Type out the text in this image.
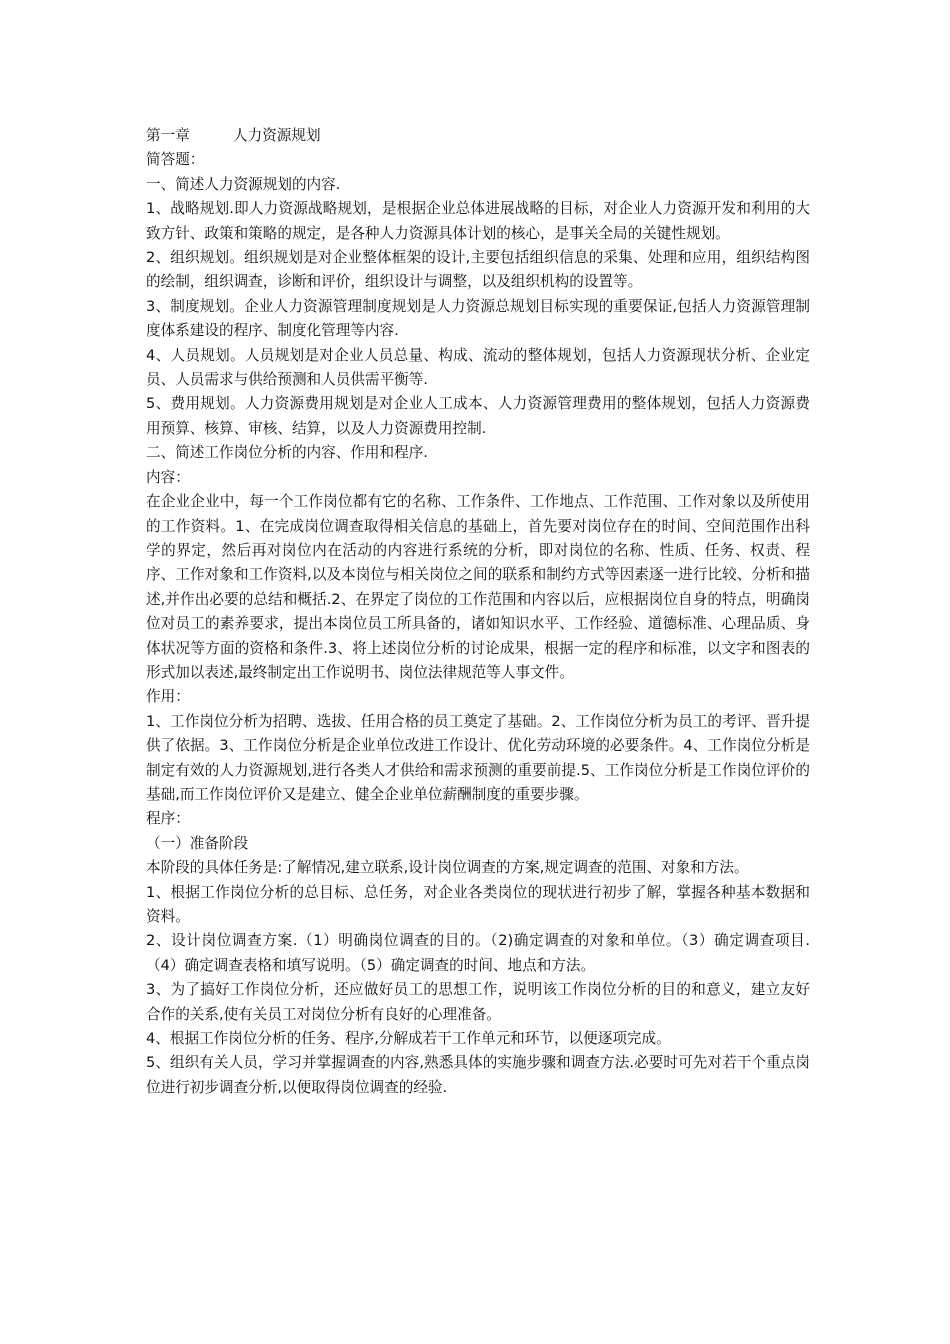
第一章	人力资源规划

简答题：

一、简述人力资源规划的内容.

1、战略规划.即人力资源战略规划，是根据企业总体进展战略的目标，对企业人力资源开发和利用的大致方针、政策和策略的规定，是各种人力资源具体计划的核心，是事关全局的关键性规划。

2、组织规划。组织规划是对企业整体框架的设计,主要包括组织信息的采集、处理和应用，组织结构图的绘制，组织调查，诊断和评价，组织设计与调整，以及组织机构的设置等。

3、制度规划。企业人力资源管理制度规划是人力资源总规划目标实现的重要保证,包括人力资源管理制度体系建设的程序、制度化管理等内容.

4、人员规划。人员规划是对企业人员总量、构成、流动的整体规划，包括人力资源现状分析、企业定员、人员需求与供给预测和人员供需平衡等.

5、费用规划。人力资源费用规划是对企业人工成本、人力资源管理费用的整体规划，包括人力资源费用预算、核算、审核、结算，以及人力资源费用控制.

二、简述工作岗位分析的内容、作用和程序.

内容：

在企业企业中，每一个工作岗位都有它的名称、工作条件、工作地点、工作范围、工作对象以及所使用的工作资料。1、在完成岗位调查取得相关信息的基础上，首先要对岗位存在的时间、空间范围作出科学的界定，然后再对岗位内在活动的内容进行系统的分析，即对岗位的名称、性质、任务、权责、程序、工作对象和工作资料,以及本岗位与相关岗位之间的联系和制约方式等因素逐一进行比较、分析和描述,并作出必要的总结和概括.2、在界定了岗位的工作范围和内容以后，应根据岗位自身的特点，明确岗位对员工的素养要求，提出本岗位员工所具备的，诸如知识水平、工作经验、道德标准、心理品质、身体状况等方面的资格和条件.3、将上述岗位分析的讨论成果，根据一定的程序和标准，以文字和图表的形式加以表述,最终制定出工作说明书、岗位法律规范等人事文件。

作用：

1、工作岗位分析为招聘、选拔、任用合格的员工奠定了基础。2、工作岗位分析为员工的考评、晋升提供了依据。3、工作岗位分析是企业单位改进工作设计、优化劳动环境的必要条件。4、工作岗位分析是制定有效的人力资源规划,进行各类人才供给和需求预测的重要前提.5、工作岗位分析是工作岗位评价的基础,而工作岗位评价又是建立、健全企业单位薪酬制度的重要步骤。

程序：

（一）准备阶段

本阶段的具体任务是:了解情况,建立联系,设计岗位调查的方案,规定调查的范围、对象和方法。

1、根据工作岗位分析的总目标、总任务，对企业各类岗位的现状进行初步了解，掌握各种基本数据和资料。

2、设计岗位调查方案.（1）明确岗位调查的目的。（2)确定调查的对象和单位。（3）确定调查项目.（4）确定调查表格和填写说明。（5）确定调查的时间、地点和方法。

3、为了搞好工作岗位分析，还应做好员工的思想工作，说明该工作岗位分析的目的和意义，建立友好合作的关系,使有关员工对岗位分析有良好的心理准备。

4、根据工作岗位分析的任务、程序,分解成若干工作单元和环节，以便逐项完成。

5、组织有关人员，学习并掌握调查的内容,熟悉具体的实施步骤和调查方法.必要时可先对若干个重点岗位进行初步调查分析,以便取得岗位调查的经验.
